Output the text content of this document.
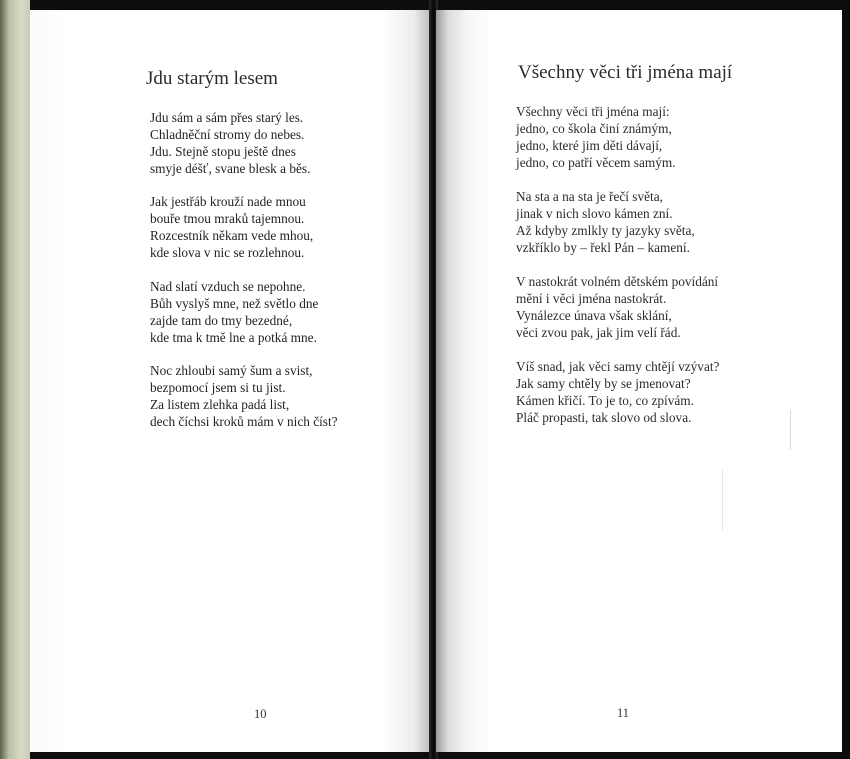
Jdu starým lesem
Jdu sám a sám přes starý les.
Chladněční stromy do nebes.
Jdu. Stejně stopu ještě dnes
smyje déšť, svane blesk a běs.
Jak jestřáb krouží nade mnou
bouře tmou mraků tajemnou.
Rozcestník někam vede mhou,
kde slova v nic se rozlehnou.
Nad slatí vzduch se nepohne.
Bůh vyslyš mne, než světlo dne
zajde tam do tmy bezedné,
kde tma k tmě lne a potká mne.
Noc zhloubi samý šum a svist,
bezpomocí jsem si tu jist.
Za listem zlehka padá list,
dech čích​si kroků mám v nich číst?
10
Všechny věci tři jména mají
Všechny věci tři jména mají:
jedno, co škola činí známým,
jedno, které jim děti dávají,
jedno, co patří věcem samým.
Na sta a na sta je řečí světa,
jinak v nich slovo kámen zní.
Až kdyby zmlkly ty jazyky světa,
vzkříklo by – řekl Pán – kamení.
V nastokrát volném dětském povídání
mění i věci jména nastokrát.
Vynálezce únava však sklání,
věci zvou pak, jak jim velí řád.
Víš snad, jak věci samy chtějí vzývat?
Jak samy chtěly by se jmenovat?
Kámen křičí. To je to, co zpívám.
Pláč propasti, tak slovo od slova.
11
